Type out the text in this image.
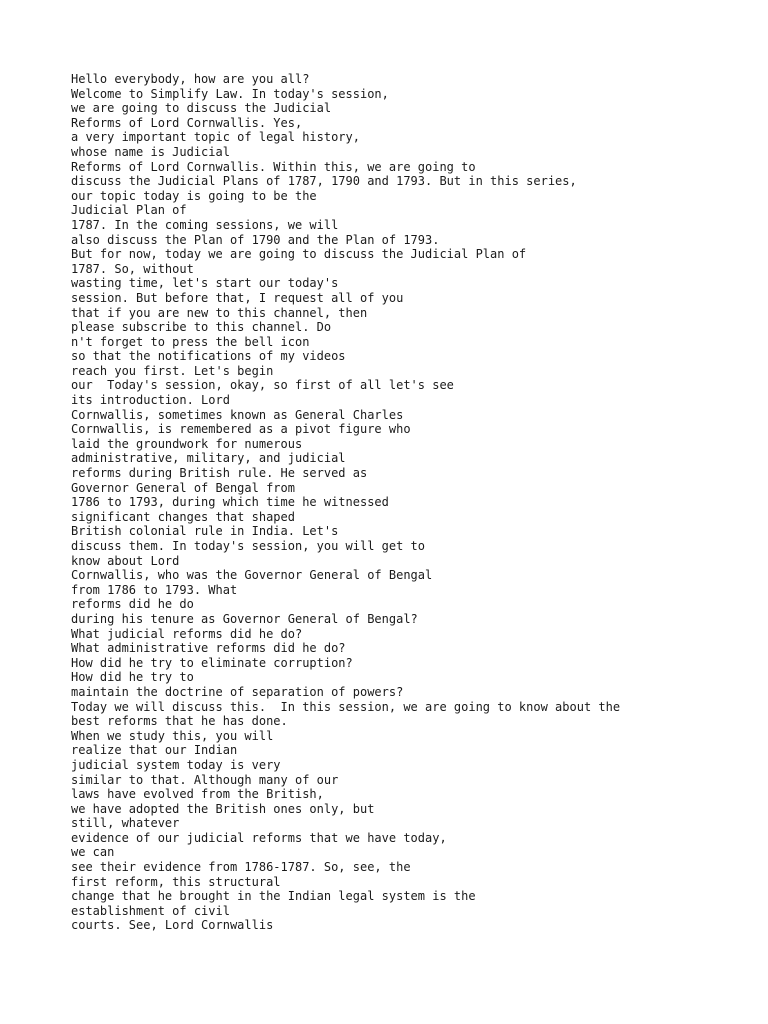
Hello everybody, how are you all?
Welcome to Simplify Law. In today's session,
we are going to discuss the Judicial
Reforms of Lord Cornwallis. Yes,
a very important topic of legal history,
whose name is Judicial
Reforms of Lord Cornwallis. Within this, we are going to
discuss the Judicial Plans of 1787, 1790 and 1793. But in this series,
our topic today is going to be the
Judicial Plan of
1787. In the coming sessions, we will
also discuss the Plan of 1790 and the Plan of 1793.
But for now, today we are going to discuss the Judicial Plan of
1787. So, without
wasting time, let's start our today's
session. But before that, I request all of you
that if you are new to this channel, then
please subscribe to this channel. Do
n't forget to press the bell icon
so that the notifications of my videos
reach you first. Let's begin
our  Today's session, okay, so first of all let's see
its introduction. Lord
Cornwallis, sometimes known as General Charles
Cornwallis, is remembered as a pivot figure who
laid the groundwork for numerous
administrative, military, and judicial
reforms during British rule. He served as
Governor General of Bengal from
1786 to 1793, during which time he witnessed
significant changes that shaped
British colonial rule in India. Let's
discuss them. In today's session, you will get to
know about Lord
Cornwallis, who was the Governor General of Bengal
from 1786 to 1793. What
reforms did he do
during his tenure as Governor General of Bengal?
What judicial reforms did he do?
What administrative reforms did he do?
How did he try to eliminate corruption?
How did he try to
maintain the doctrine of separation of powers?
Today we will discuss this.  In this session, we are going to know about the
best reforms that he has done.
When we study this, you will
realize that our Indian
judicial system today is very
similar to that. Although many of our
laws have evolved from the British,
we have adopted the British ones only, but
still, whatever
evidence of our judicial reforms that we have today,
we can
see their evidence from 1786-1787. So, see, the
first reform, this structural
change that he brought in the Indian legal system is the
establishment of civil
courts. See, Lord Cornwallis
